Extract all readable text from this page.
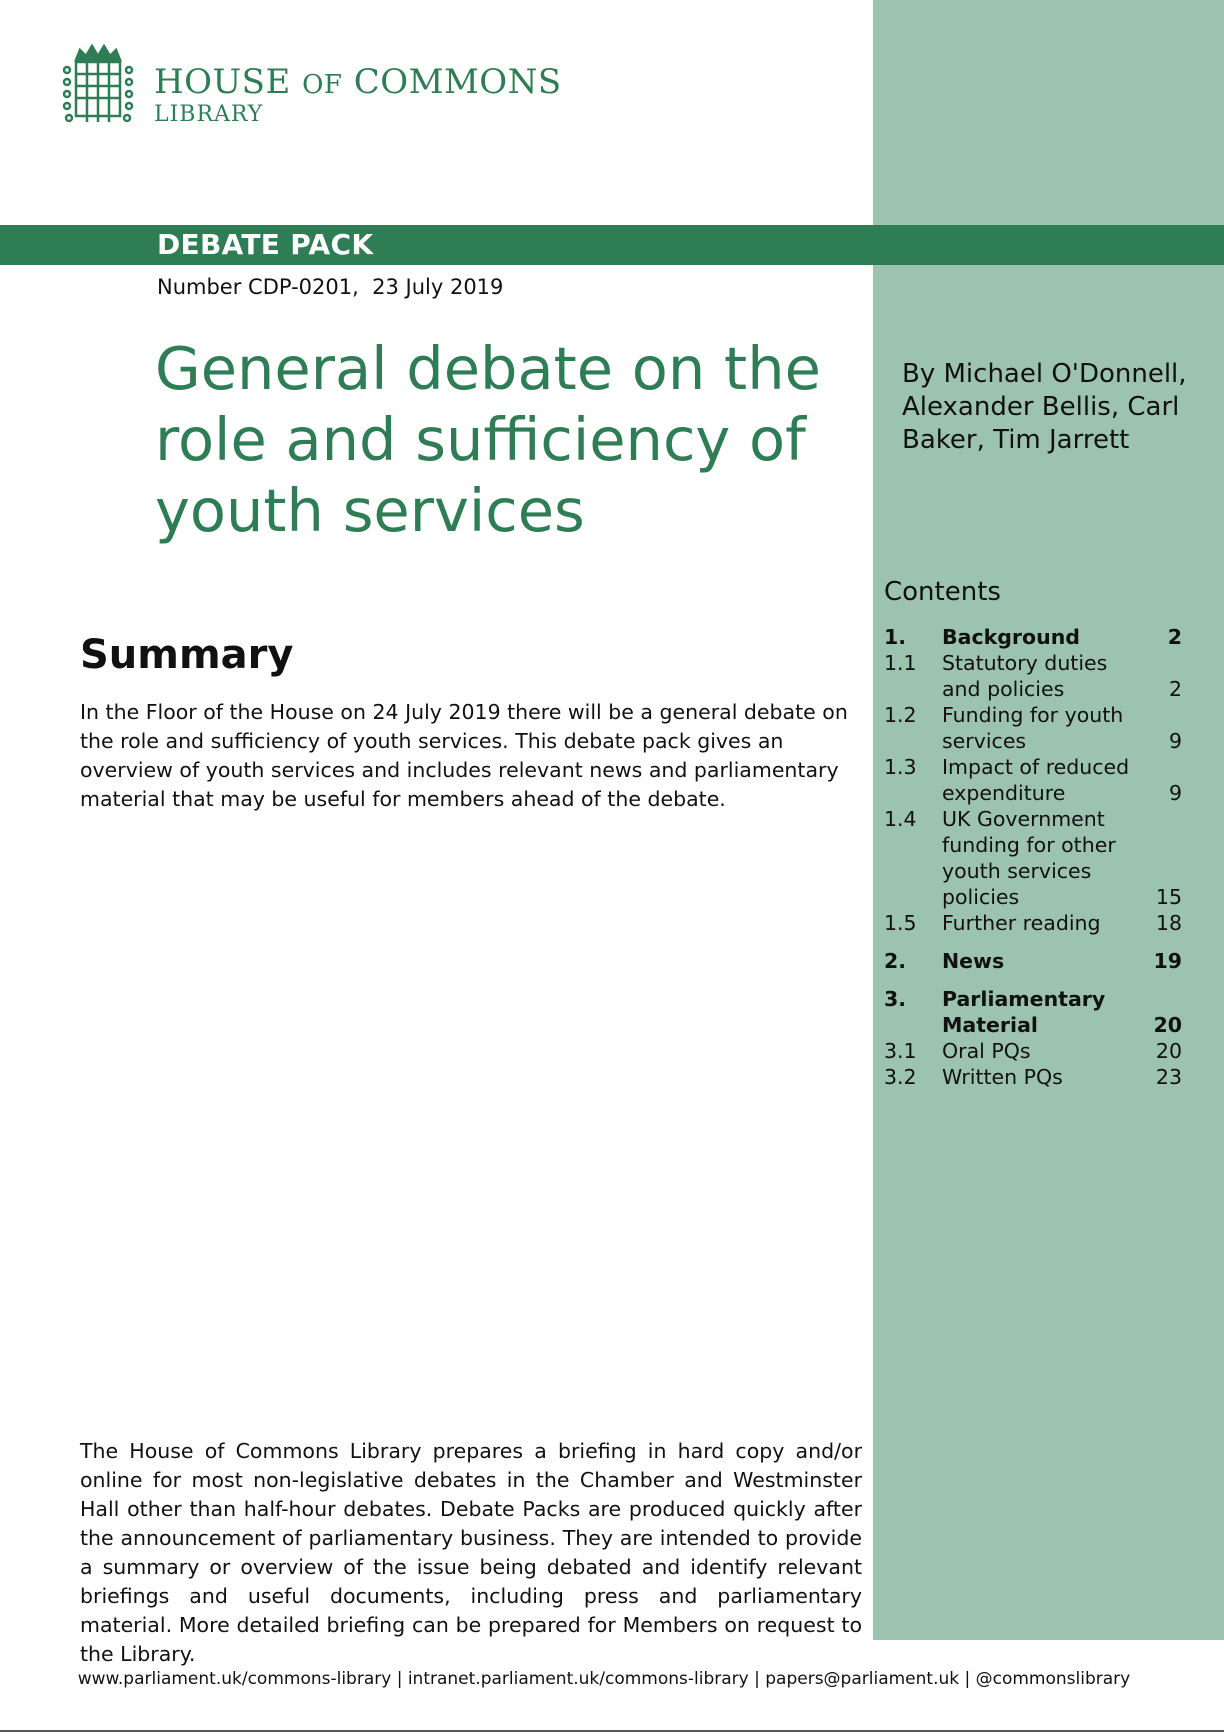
DEBATE PACK
HOUSE OF COMMONS
LIBRARY
Number CDP-0201,  23 July 2019
General debate on the role and sufficiency of youth services
By Michael O'Donnell, Alexander Bellis, Carl Baker, Tim Jarrett
Summary

In the Floor of the House on 24 July 2019 there will be a general debate on the role and sufficiency of youth services. This debate pack gives an overview of youth services and includes relevant news and parliamentary material that may be useful for members ahead of the debate.

Contents
1. Background	2
1.1 Statutory duties and policies	2
1.2 Funding for youth services	9
1.3 Impact of reduced expenditure	9
1.4 UK Government funding for other youth services policies	15
1.5 Further reading	18
2. News	19
3. Parliamentary Material	20
3.1 Oral PQs	20
3.2 Written PQs	23

The House of Commons Library prepares a briefing in hard copy and/or online for most non-legislative debates in the Chamber and Westminster Hall other than half-hour debates. Debate Packs are produced quickly after the announcement of parliamentary business. They are intended to provide a summary or overview of the issue being debated and identify relevant briefings and useful documents, including press and parliamentary material. More detailed briefing can be prepared for Members on request to the Library.

www.parliament.uk/commons-library | intranet.parliament.uk/commons-library | papers@parliament.uk | @commonslibrary
